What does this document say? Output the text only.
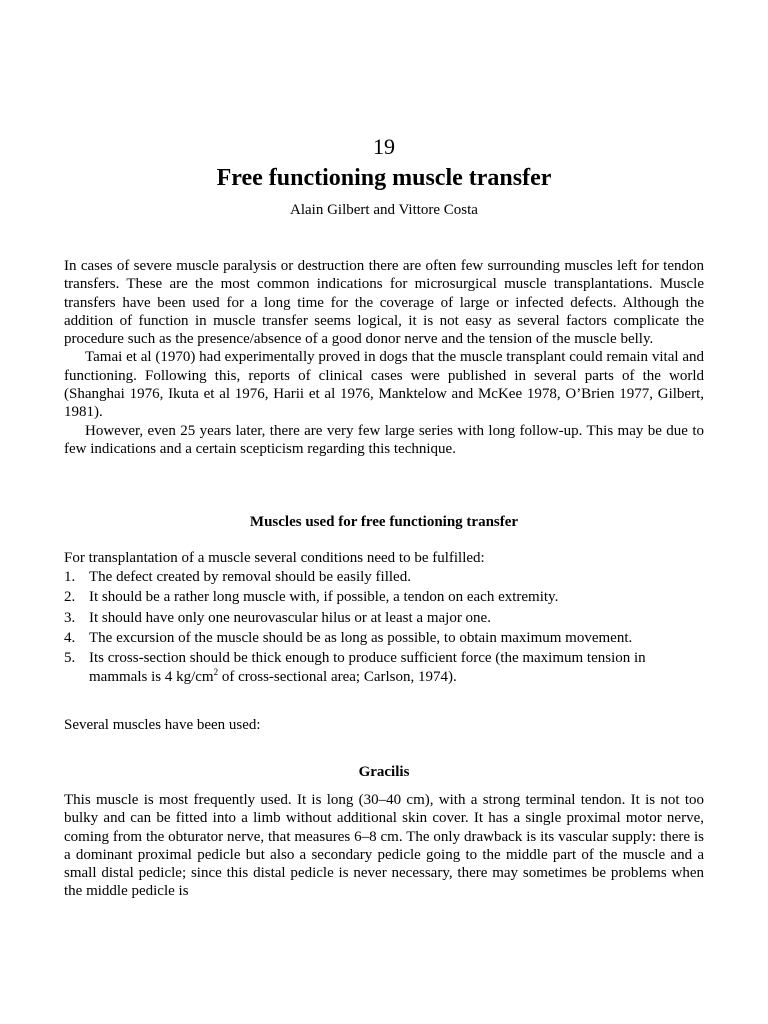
19
Free functioning muscle transfer
Alain Gilbert and Vittore Costa

In cases of severe muscle paralysis or destruction there are often few surrounding muscles left for tendon transfers. These are the most common indications for microsurgical muscle transplantations. Muscle transfers have been used for a long time for the coverage of large or infected defects. Although the addition of function in muscle transfer seems logical, it is not easy as several factors complicate the procedure such as the presence/absence of a good donor nerve and the tension of the muscle belly.

Tamai et al (1970) had experimentally proved in dogs that the muscle transplant could remain vital and functioning. Following this, reports of clinical cases were published in several parts of the world (Shanghai 1976, Ikuta et al 1976, Harii et al 1976, Manktelow and McKee 1978, O’Brien 1977, Gilbert, 1981).

However, even 25 years later, there are very few large series with long follow-up. This may be due to few indications and a certain scepticism regarding this technique.

Muscles used for free functioning transfer
For transplantation of a muscle several conditions need to be fulfilled:
1. The defect created by removal should be easily filled.
2. It should be a rather long muscle with, if possible, a tendon on each extremity.
3. It should have only one neurovascular hilus or at least a major one.
4. The excursion of the muscle should be as long as possible, to obtain maximum movement.
5. Its cross-section should be thick enough to produce sufficient force (the maximum tension in mammals is 4 $kg/cm^2$ of cross-sectional area; Carlson, 1974).
Several muscles have been used:
Gracilis
This muscle is most frequently used. It is long (30–40 cm), with a strong terminal tendon. It is not too bulky and can be fitted into a limb without additional skin cover. It has a single proximal motor nerve, coming from the obturator nerve, that measures 6–8 cm. The only drawback is its vascular supply: there is a dominant proximal pedicle but also a secondary pedicle going to the middle part of the muscle and a small distal pedicle; since this distal pedicle is never necessary, there may sometimes be problems when the middle pedicle is
